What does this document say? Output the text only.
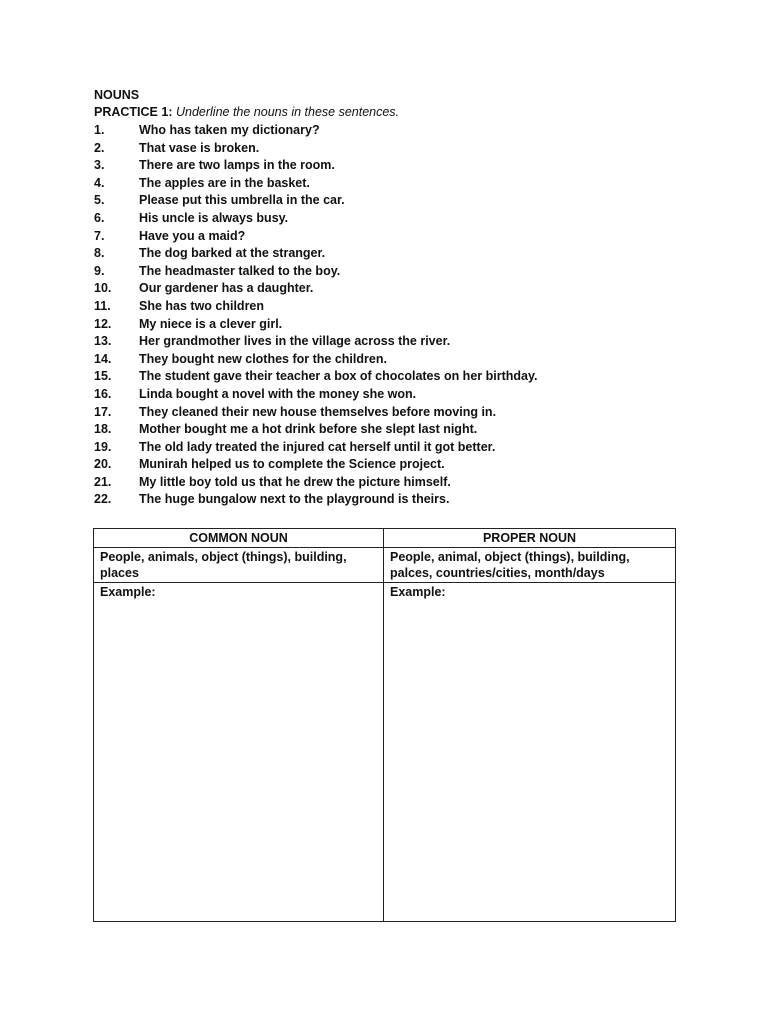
NOUNS
PRACTICE 1: Underline the nouns in these sentences.
1.	Who has taken my dictionary?
2.	That vase is broken.
3.	There are two lamps in the room.
4.	The apples are in the basket.
5.	Please put this umbrella in the car.
6.	His uncle is always busy.
7.	Have you a maid?
8.	The dog barked at the stranger.
9.	The headmaster talked to the boy.
10. Our gardener has a daughter.
11. She has two children
12. My niece is a clever girl.
13. Her grandmother lives in the village across the river.
14. They bought new clothes for the children.
15. The student gave their teacher a box of chocolates on her birthday.
16. Linda bought a novel with the money she won.
17. They cleaned their new house themselves before moving in.
18. Mother bought me a hot drink before she slept last night.
19. The old lady treated the injured cat herself until it got better.
20. Munirah helped us to complete the Science project.
21. My little boy told us that he drew the picture himself.
22. The huge bungalow next to the playground is theirs.
COMMON NOUN	PROPER NOUN
People, animals, object (things), building, places	People, animal, object (things), building, palces, countries/cities, month/days
Example:	Example:
